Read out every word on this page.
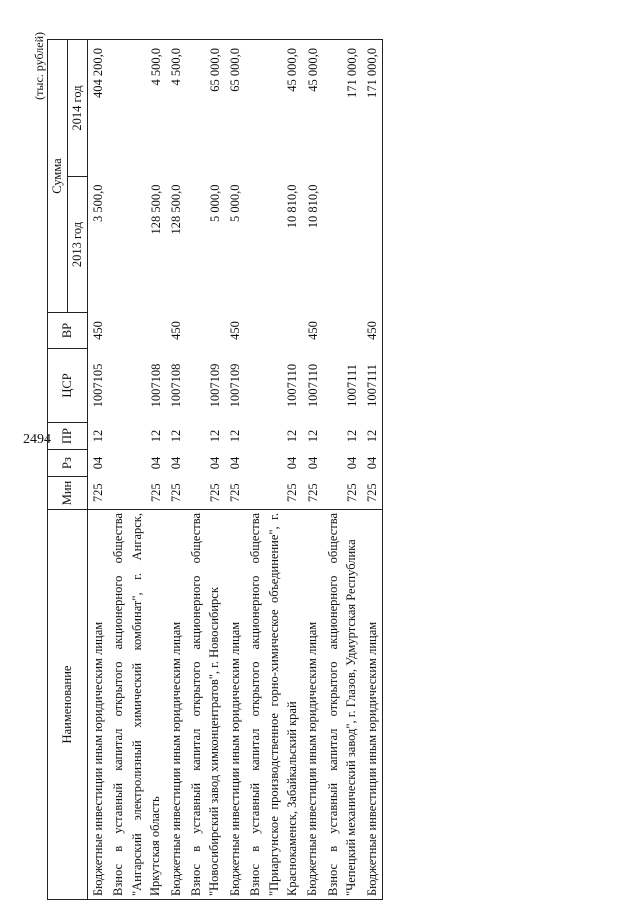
2494
(тыс. рублей)
Наименование	Мин	Рз	ПР	ЦСР	ВР	Сумма	
						2013 год	2014 год
Бюджетные инвестиции иным юридическим лицам	725	04	12	1007105	450	3 500,0	404 200,0
Взнос в уставный капитал открытого акционерного общества "Ангарский электролизный химический комбинат", г. Ангарск, Иркутская область	725	04	12	1007108		128 500,0	4 500,0
Бюджетные инвестиции иным юридическим лицам	725	04	12	1007108	450	128 500,0	4 500,0
Взнос в уставный капитал открытого акционерного общества "Новосибирский завод химконцентратов", г. Новосибирск	725	04	12	1007109		5 000,0	65 000,0
Бюджетные инвестиции иным юридическим лицам	725	04	12	1007109	450	5 000,0	65 000,0
Взнос в уставный капитал открытого акционерного общества "Приаргунское производственное горно-химическое объединение", г. Краснокаменск, Забайкальский край	725	04	12	1007110		10 810,0	45 000,0
Бюджетные инвестиции иным юридическим лицам	725	04	12	1007110	450	10 810,0	45 000,0
Взнос в уставный капитал открытого акционерного общества "Чепецкий механический завод", г. Глазов, Удмуртская Республика	725	04	12	1007111			171 000,0
Бюджетные инвестиции иным юридическим лицам	725	04	12	1007111	450		171 000,0
